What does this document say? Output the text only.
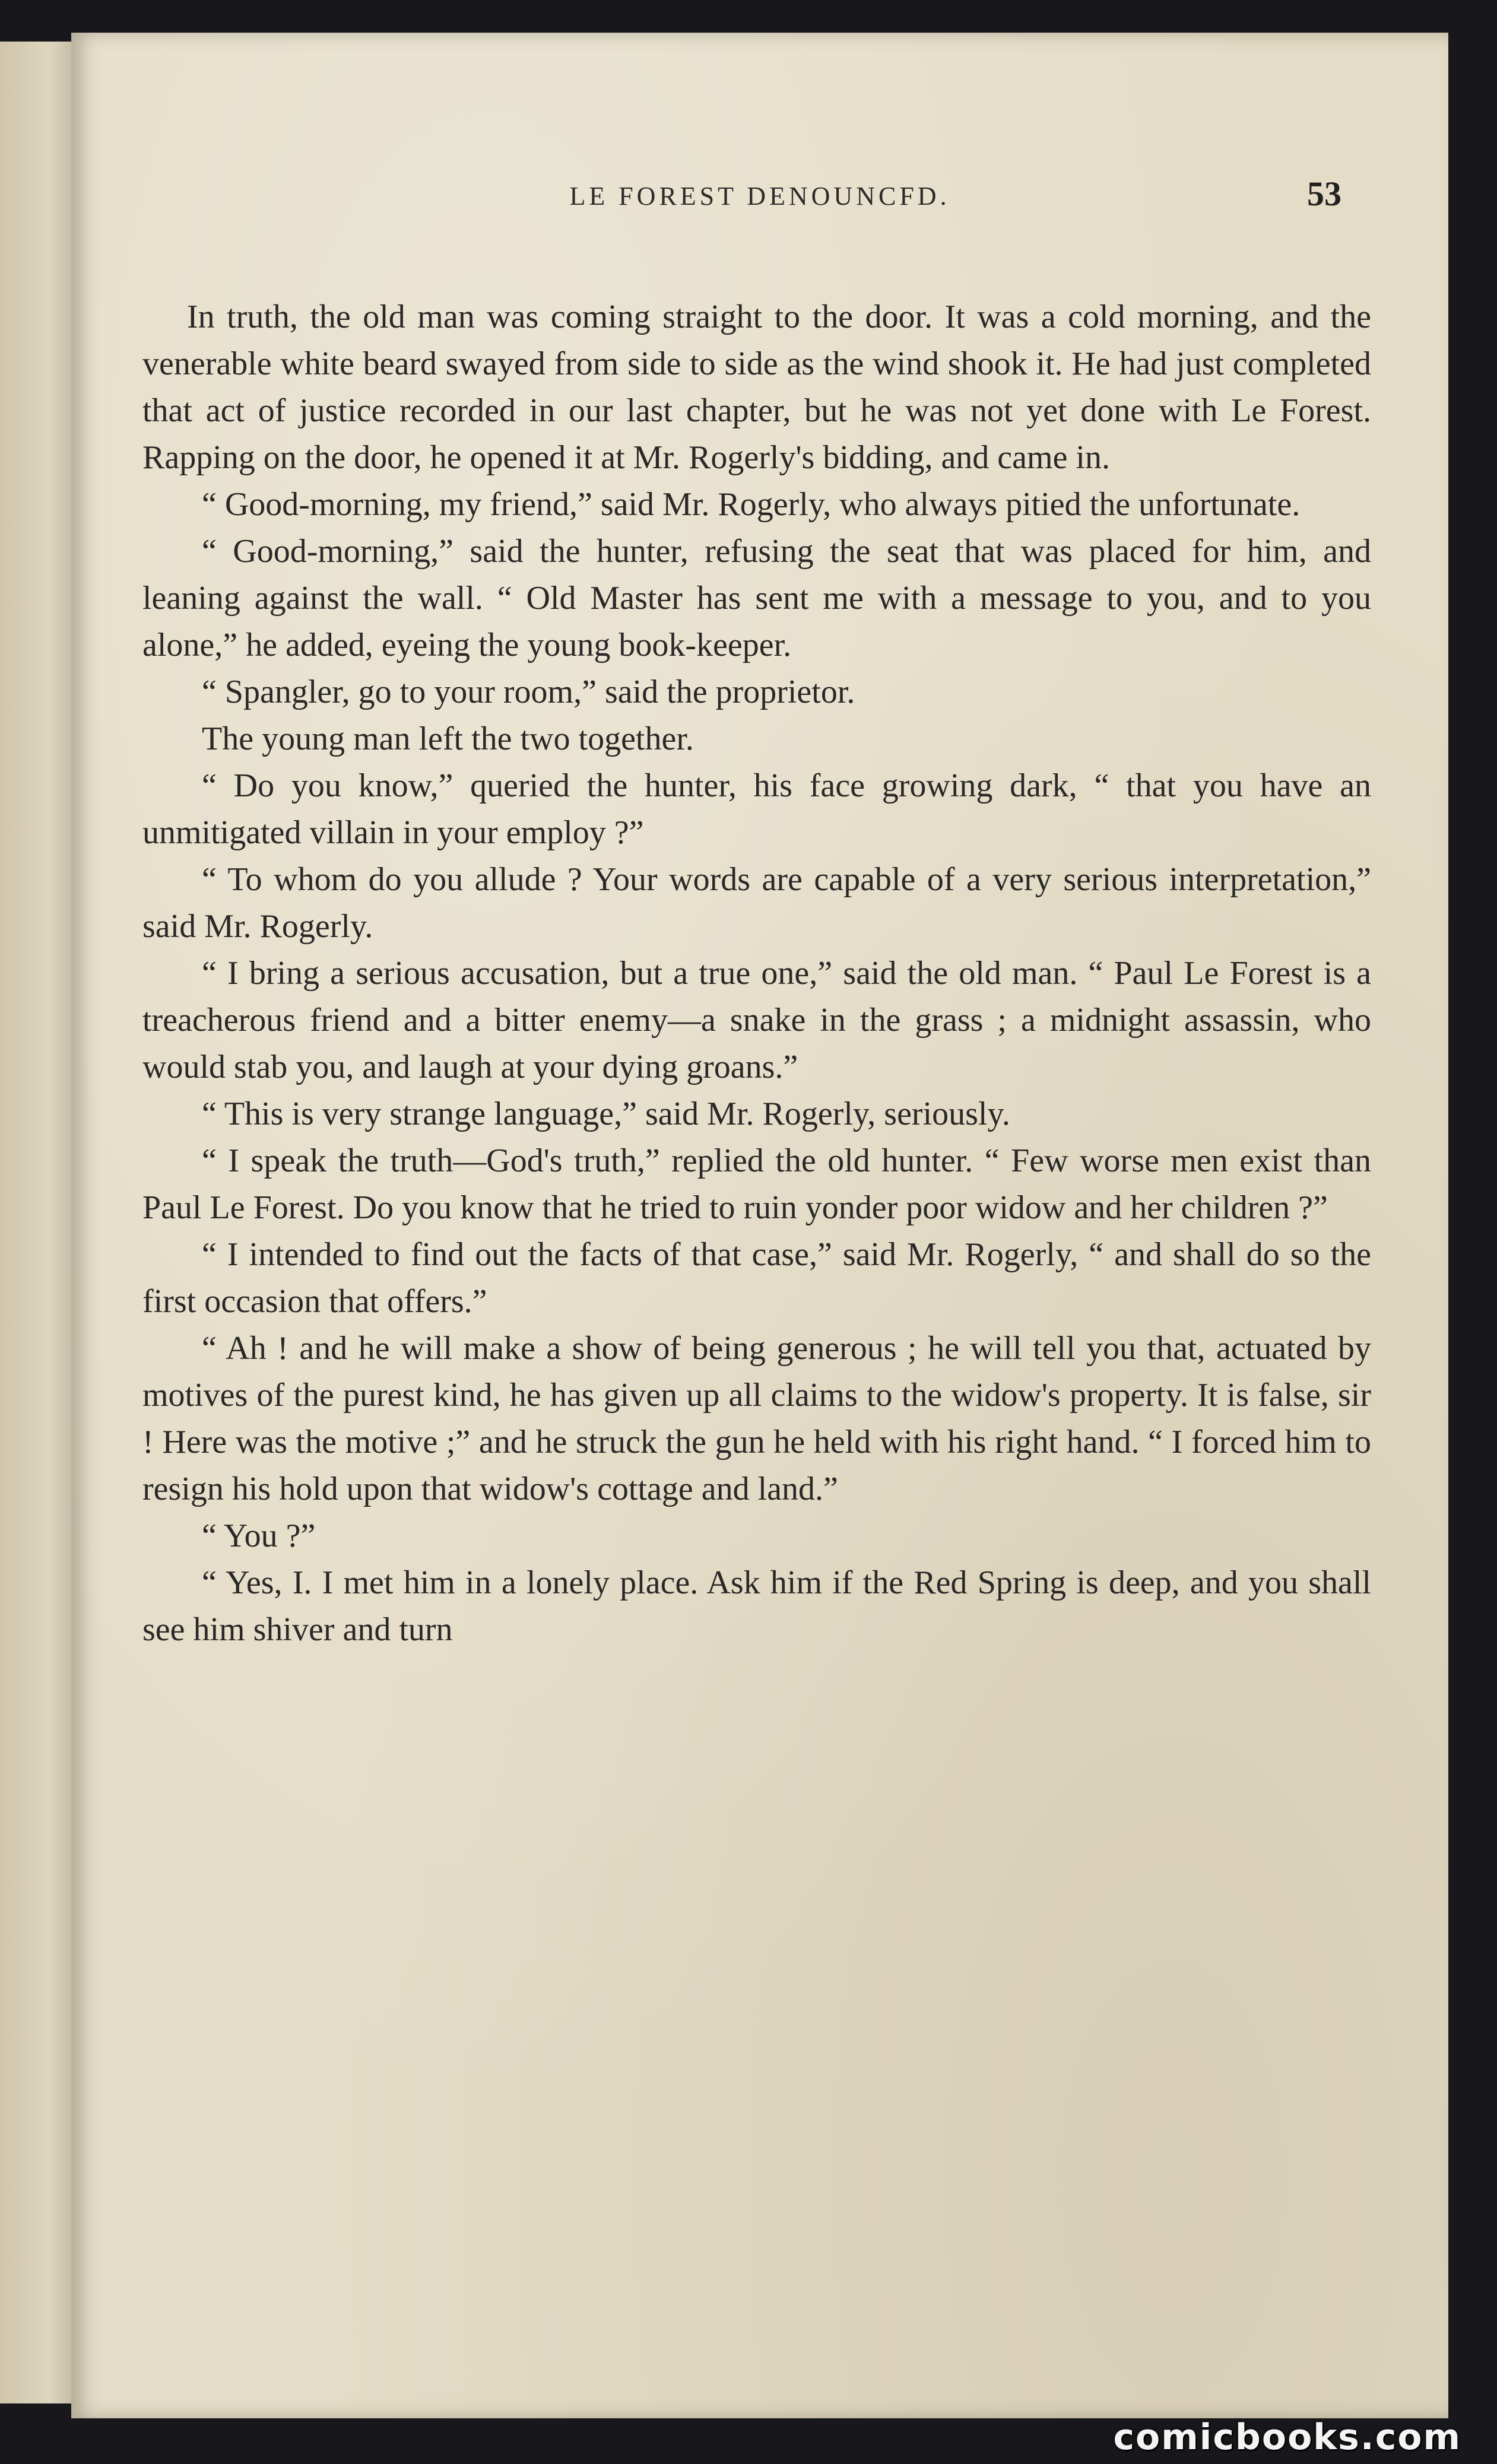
LE FOREST DENOUNCFD.	53

In truth, the old man was coming straight to the door. It was a cold morning, and the venerable white beard swayed from side to side as the wind shook it. He had just completed that act of justice recorded in our last chapter, but he was not yet done with Le Forest. Rapping on the door, he opened it at Mr. Rogerly's bidding, and came in.

“ Good-morning, my friend,” said Mr. Rogerly, who always pitied the unfortunate.

“ Good-morning,” said the hunter, refusing the seat that was placed for him, and leaning against the wall. “ Old Master has sent me with a message to you, and to you alone,” he added, eyeing the young book-keeper.

“ Spangler, go to your room,” said the proprietor.

The young man left the two together.

“ Do you know,” queried the hunter, his face growing dark, “ that you have an unmitigated villain in your employ ?”

“ To whom do you allude ? Your words are capable of a very serious interpretation,” said Mr. Rogerly.

“ I bring a serious accusation, but a true one,” said the old man. “ Paul Le Forest is a treacherous friend and a bitter enemy—a snake in the grass ; a midnight assassin, who would stab you, and laugh at your dying groans.”

“ This is very strange language,” said Mr. Rogerly, seriously.

“ I speak the truth—God's truth,” replied the old hunter. “ Few worse men exist than Paul Le Forest. Do you know that he tried to ruin yonder poor widow and her children ?”

“ I intended to find out the facts of that case,” said Mr. Rogerly, “ and shall do so the first occasion that offers.”

“ Ah ! and he will make a show of being generous ; he will tell you that, actuated by motives of the purest kind, he has given up all claims to the widow's property. It is false, sir ! Here was the motive ;” and he struck the gun he held with his right hand. “ I forced him to resign his hold upon that widow's cottage and land.”

“ You ?”

“ Yes, I. I met him in a lonely place. Ask him if the Red Spring is deep, and you shall see him shiver and turn

comicbooks.com
